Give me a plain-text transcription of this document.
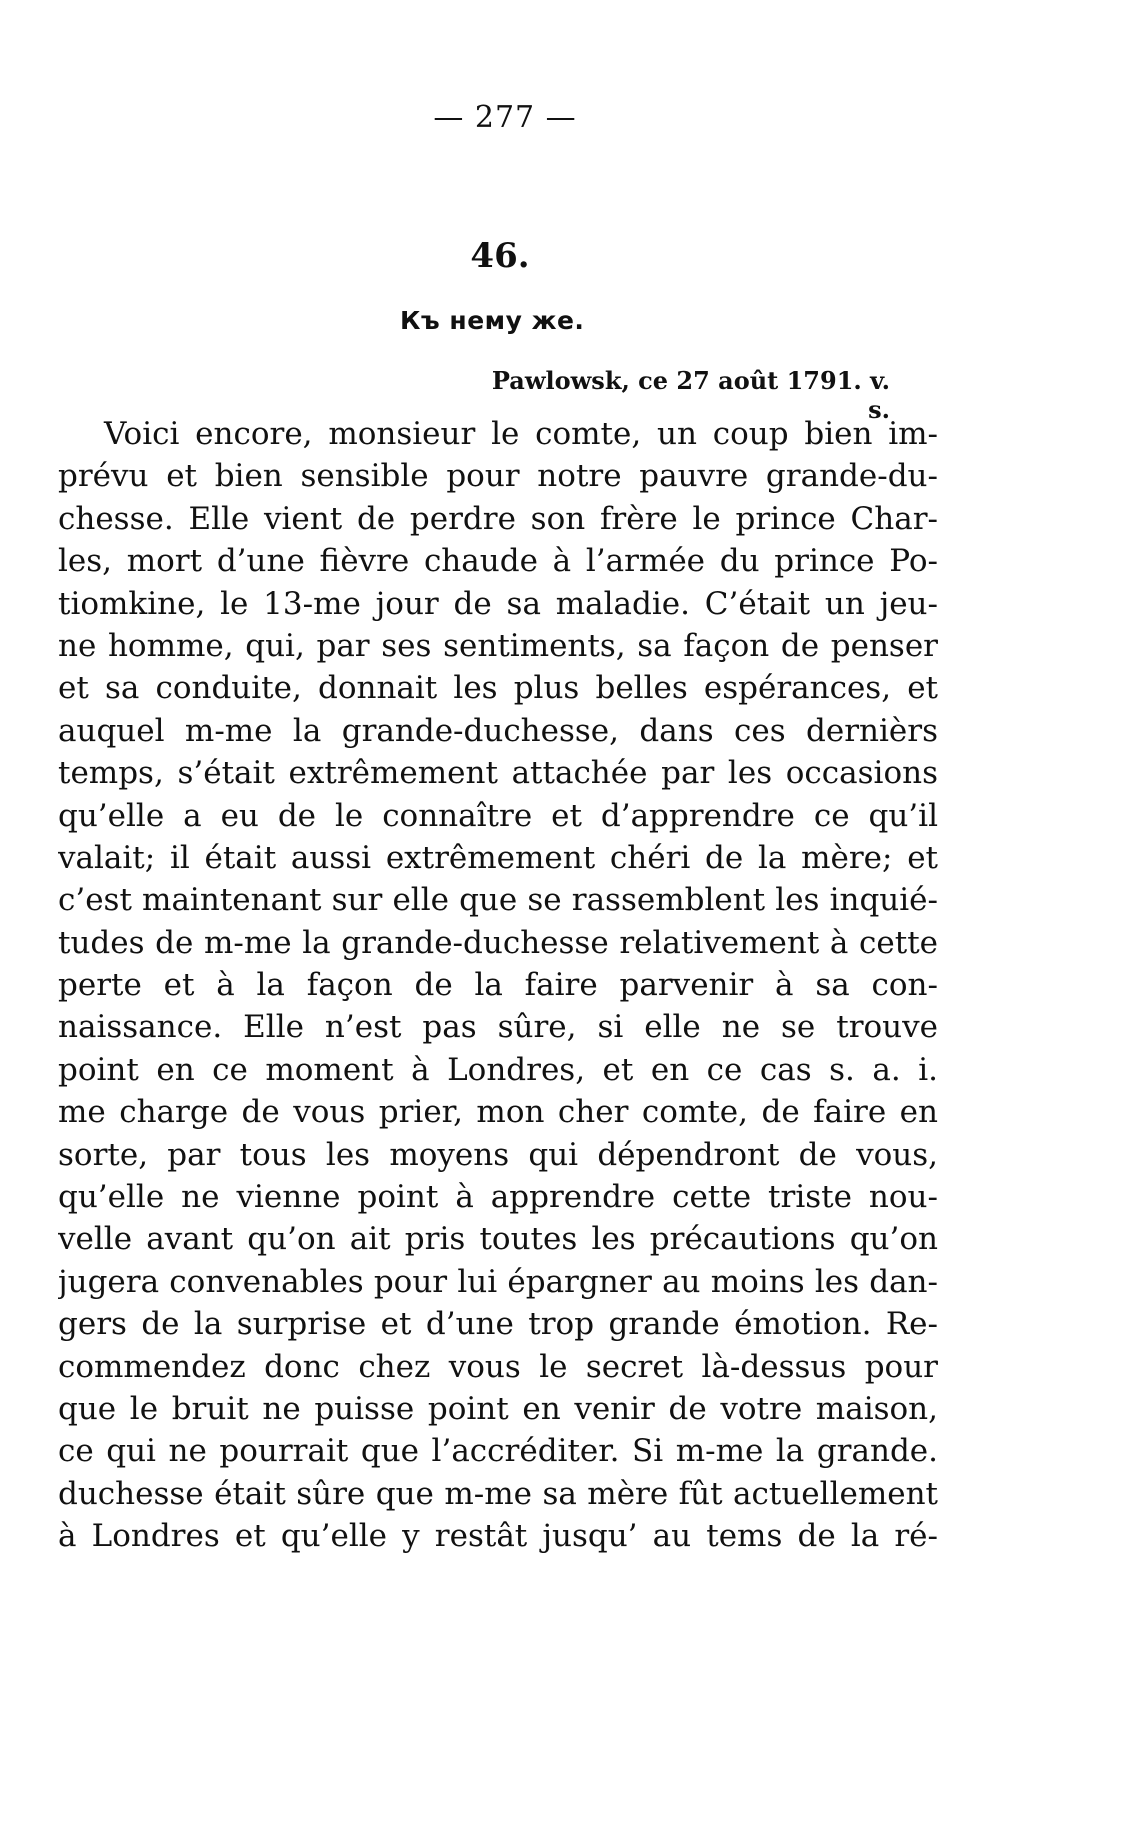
— 277 —
46.
Къ нему же.
Pawlowsk, ce 27 août 1791. v. s.
Voici encore, monsieur le comte, un coup bien im-
prévu et bien sensible pour notre pauvre grande-du-
chesse. Elle vient de perdre son frère le prince Char-
les, mort d’une fièvre chaude à l’armée du prince Po-
tiomkine, le 13-me jour de sa maladie. C’était un jeu-
ne homme, qui, par ses sentiments, sa façon de penser
et sa conduite, donnait les plus belles espérances, et
auquel m-me la grande-duchesse, dans ces dernièrs
temps, s’était extrêmement attachée par les occasions
qu’elle a eu de le connaître et d’apprendre ce qu’il
valait; il était aussi extrêmement chéri de la mère; et
c’est maintenant sur elle que se rassemblent les inquié-
tudes de m-me la grande-duchesse relativement à cette
perte et à la façon de la faire parvenir à sa con-
naissance. Elle n’est pas sûre, si elle ne se trouve
point en ce moment à Londres, et en ce cas s. a. i.
me charge de vous prier, mon cher comte, de faire en
sorte, par tous les moyens qui dépendront de vous,
qu’elle ne vienne point à apprendre cette triste nou-
velle avant qu’on ait pris toutes les précautions qu’on
jugera convenables pour lui épargner au moins les dan-
gers de la surprise et d’une trop grande émotion. Re-
commendez donc chez vous le secret là-dessus pour
que le bruit ne puisse point en venir de votre maison,
ce qui ne pourrait que l’accréditer. Si m-me la grande.
duchesse était sûre que m-me sa mère fût actuellement
à Londres et qu’elle y restât jusqu’ au tems de la ré-
